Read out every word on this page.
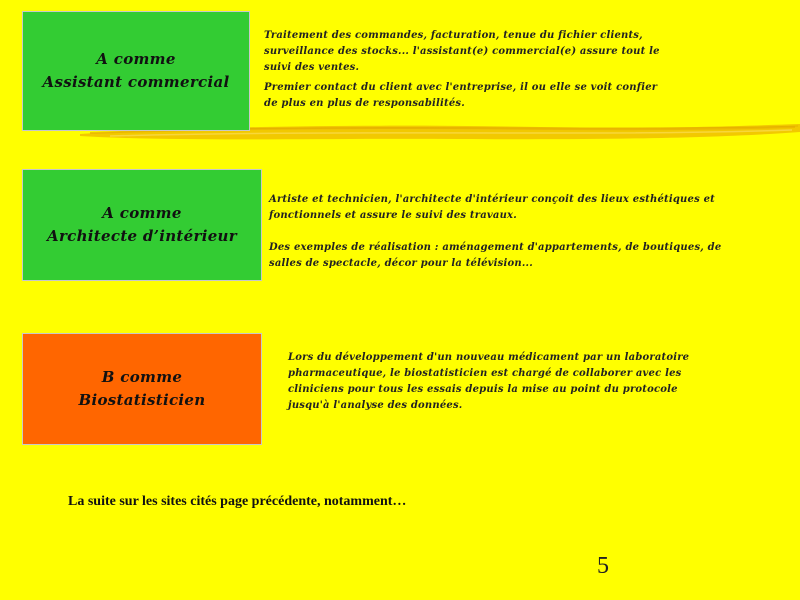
A comme
Assistant commercial

Traitement des commandes, facturation, tenue du fichier clients,

surveillance des stocks... l'assistant(e) commercial(e) assure tout le

suivi des ventes.

Premier contact du client avec l'entreprise, il ou elle se voit confier

de plus en plus de responsabilités.

A comme
Architecte d’intérieur

Artiste et technicien, l'architecte d'intérieur conçoit des lieux esthétiques et

fonctionnels et assure le suivi des travaux.

Des exemples de réalisation : aménagement d'appartements, de boutiques, de

salles de spectacle, décor pour la télévision...

B comme
Biostatisticien

Lors du développement d'un nouveau médicament par un laboratoire

pharmaceutique, le biostatisticien est chargé de collaborer avec les

cliniciens pour tous les essais depuis la mise au point du protocole

jusqu'à l'analyse des données.

La suite sur les sites cités page précédente, notamment…
5
